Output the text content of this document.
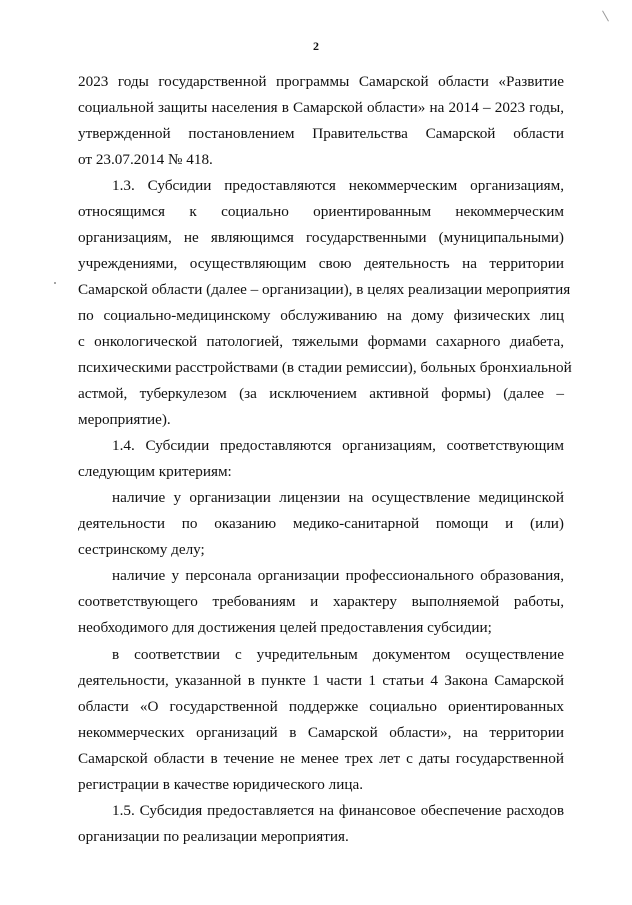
2
2023 годы государственной программы Самарской области «Развитие
социальной защиты населения в Самарской области» на 2014 – 2023 годы,
утвержденной постановлением Правительства Самарской области
от 23.07.2014 № 418.
1.3. Субсидии предоставляются некоммерческим организациям,
относящимся к социально ориентированным некоммерческим
организациям, не являющимся государственными (муниципальными)
учреждениями, осуществляющим свою деятельность на территории
Самарской области (далее – организации), в целях реализации мероприятия
по социально-медицинскому обслуживанию на дому физических лиц
с онкологической патологией, тяжелыми формами сахарного диабета,
психическими расстройствами (в стадии ремиссии), больных бронхиальной
астмой, туберкулезом (за исключением активной формы) (далее –
мероприятие).
1.4. Субсидии предоставляются организациям, соответствующим
следующим критериям:
наличие у организации лицензии на осуществление медицинской
деятельности по оказанию медико-санитарной помощи и (или)
сестринскому делу;
наличие у персонала организации профессионального образования,
соответствующего требованиям и характеру выполняемой работы,
необходимого для достижения целей предоставления субсидии;
в соответствии с учредительным документом осуществление
деятельности, указанной в пункте 1 части 1 статьи 4 Закона Самарской
области «О государственной поддержке социально ориентированных
некоммерческих организаций в Самарской области», на территории
Самарской области в течение не менее трех лет с даты государственной
регистрации в качестве юридического лица.
1.5. Субсидия предоставляется на финансовое обеспечение расходов
организации по реализации мероприятия.
